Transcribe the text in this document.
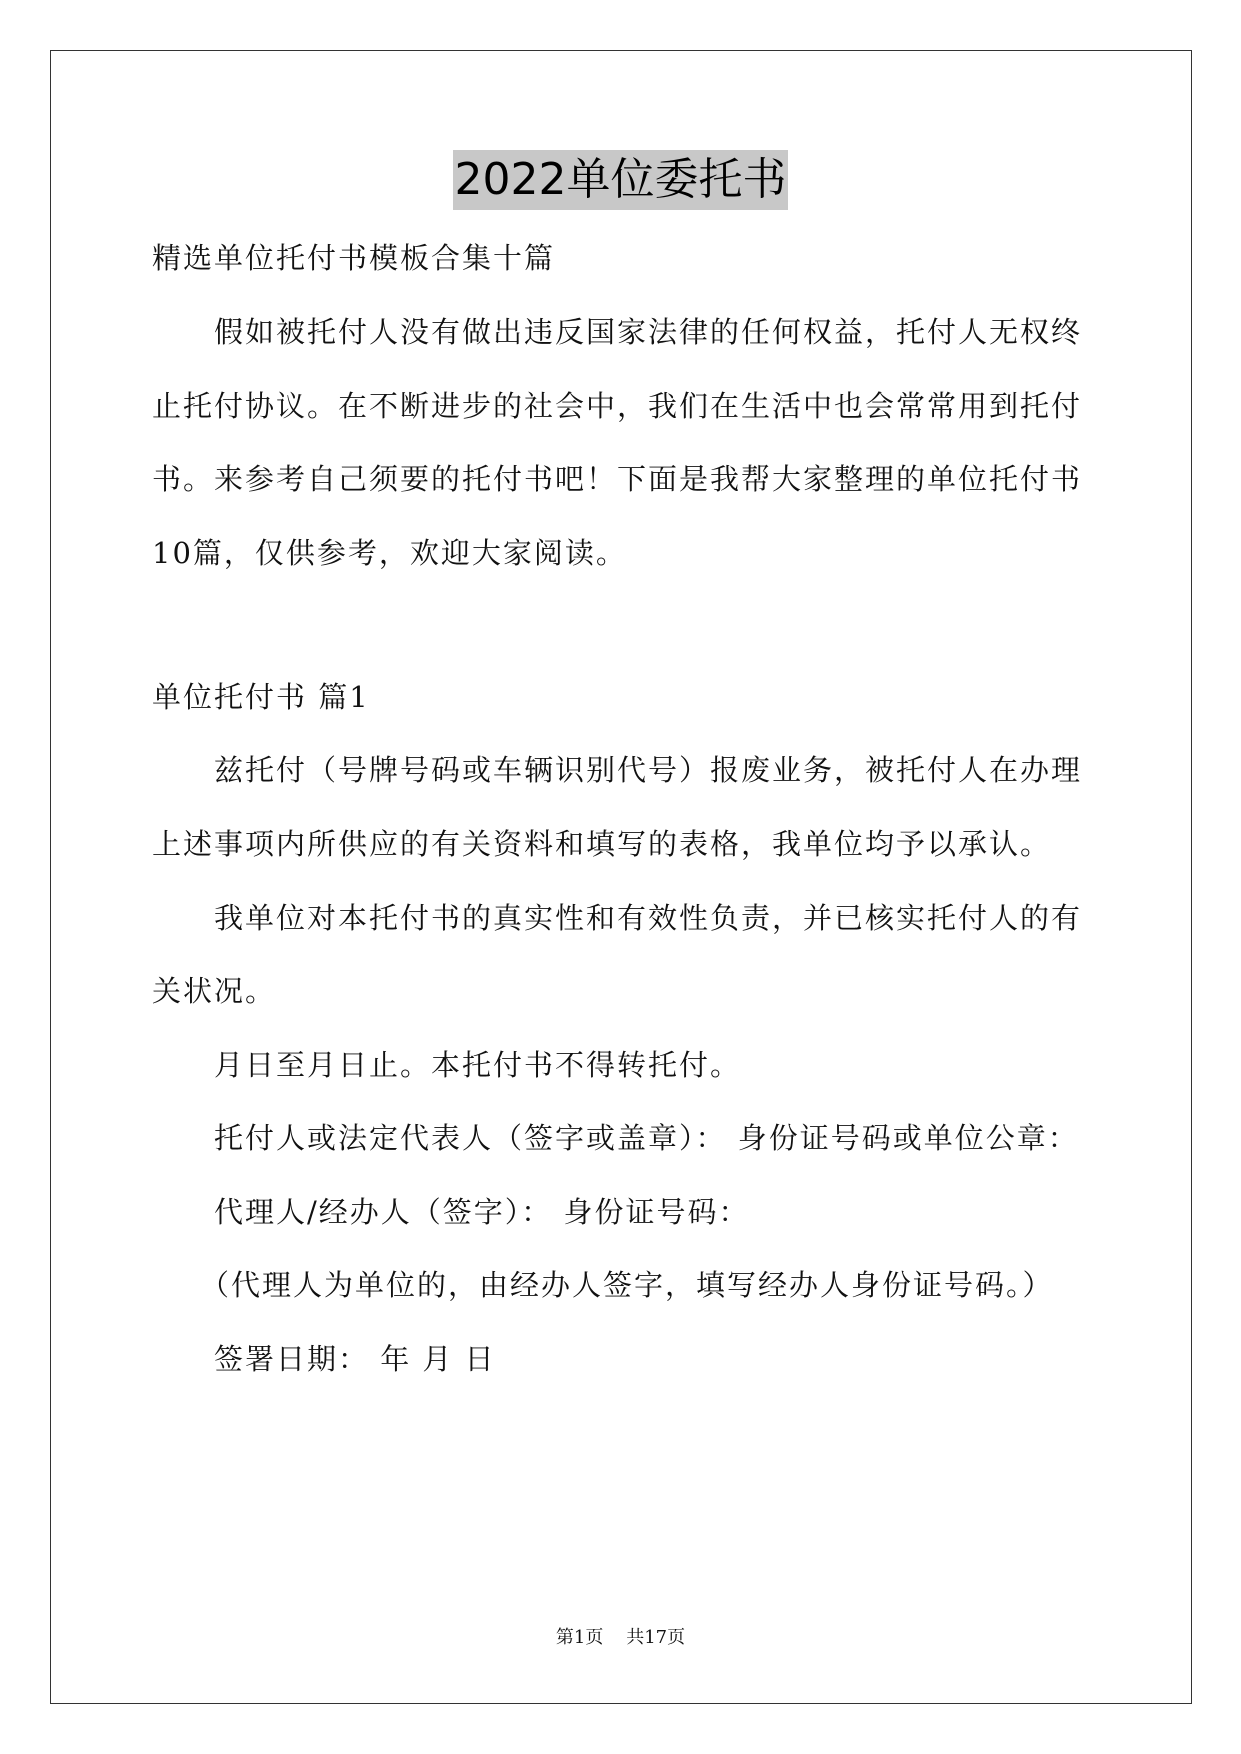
2022单位委托书
精选单位托付书模板合集十篇
假如被托付人没有做出违反国家法律的任何权益，托付人无权终
止托付协议。在不断进步的社会中，我们在生活中也会常常用到托付
书。来参考自己须要的托付书吧！下面是我帮大家整理的单位托付书
10篇，仅供参考，欢迎大家阅读。
单位托付书 篇1
兹托付（号牌号码或车辆识别代号）报废业务，被托付人在办理
上述事项内所供应的有关资料和填写的表格，我单位均予以承认。
我单位对本托付书的真实性和有效性负责，并已核实托付人的有
关状况。
月日至月日止。本托付书不得转托付。
托付人或法定代表人（签字或盖章）： 身份证号码或单位公章：
代理人/经办人（签字）： 身份证号码：
（代理人为单位的，由经办人签字，填写经办人身份证号码。）
签署日期： 年 月 日
第1页 共17页
